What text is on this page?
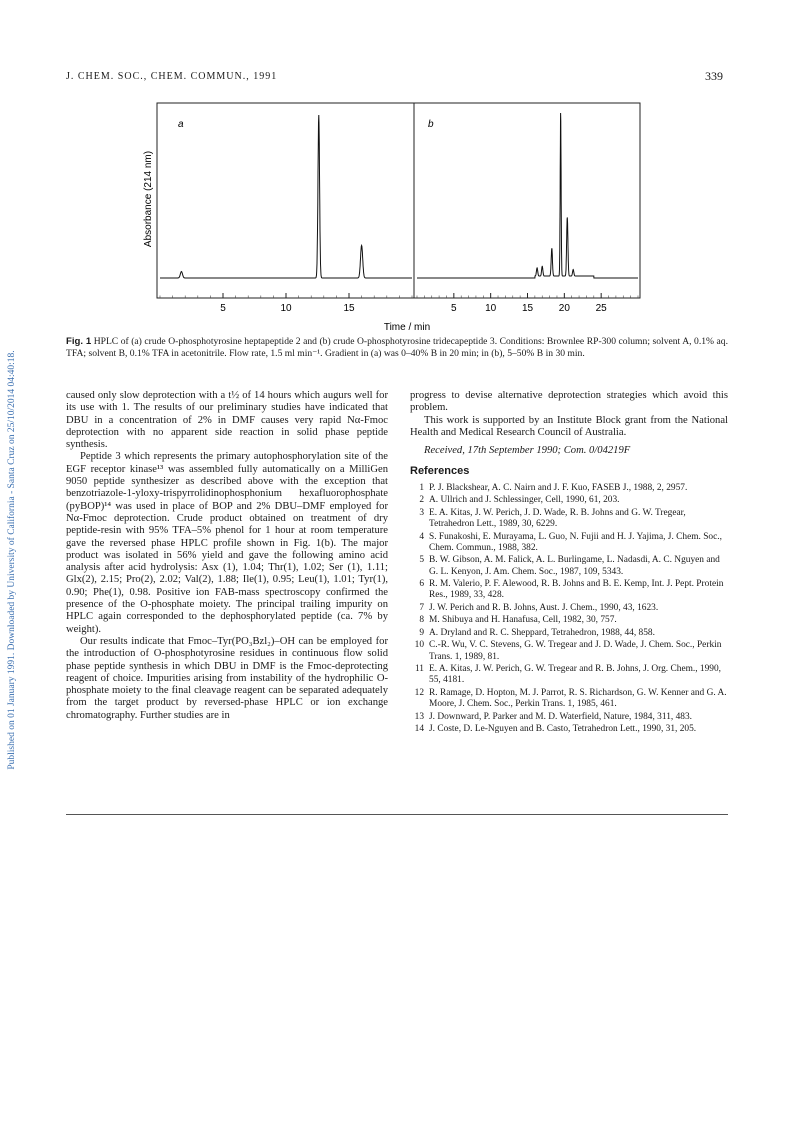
J. CHEM. SOC., CHEM. COMMUN., 1991	339
Published on 01 January 1991. Downloaded by University of California - Santa Cruz on 25/10/2014 04:40:18.
a	b
Absorbance (214 nm)
5	10	15	5	10	15	20	25
Time / min
Fig. 1 HPLC of (a) crude O-phosphotyrosine heptapeptide 2 and (b) crude O-phosphotyrosine tridecapeptide 3. Conditions: Brownlee RP-300 column; solvent A, 0.1% aq. TFA; solvent B, 0.1% TFA in acetonitrile. Flow rate, 1.5 ml min⁻¹. Gradient in (a) was 0–40% B in 20 min; in (b), 5–50% B in 30 min.

caused only slow deprotection with a t½ of 14 hours which augurs well for its use with 1. The results of our preliminary studies have indicated that DBU in a concentration of 2% in DMF causes very rapid Nα-Fmoc deprotection with no apparent side reaction in solid phase peptide synthesis.

Peptide 3 which represents the primary autophosphorylation site of the EGF receptor kinase¹³ was assembled fully automatically on a MilliGen 9050 peptide synthesizer as described above with the exception that benzotriazole-1-yloxy-trispyrrolidinophosphonium hexafluorophosphate (pyBOP)¹⁴ was used in place of BOP and 2% DBU–DMF employed for Nα-Fmoc deprotection. Crude product obtained on treatment of dry peptide-resin with 95% TFA–5% phenol for 1 hour at room temperature gave the reversed phase HPLC profile shown in Fig. 1(b). The major product was isolated in 56% yield and gave the following amino acid analysis after acid hydrolysis: Asx (1), 1.04; Thr(1), 1.02; Ser (1), 1.11; Glx(2), 2.15; Pro(2), 2.02; Val(2), 1.88; Ile(1), 0.95; Leu(1), 1.01; Tyr(1), 0.90; Phe(1), 0.98. Positive ion FAB-mass spectroscopy confirmed the presence of the O-phosphate moiety. The principal trailing impurity on HPLC again corresponded to the dephosphorylated peptide (ca. 7% by weight).

Our results indicate that Fmoc–Tyr(PO₃Bzl₂)–OH can be employed for the introduction of O-phosphotyrosine residues in continuous flow solid phase peptide synthesis in which DBU in DMF is the Fmoc-deprotecting reagent of choice. Impurities arising from instability of the hydrophilic O-phosphate moiety to the final cleavage reagent can be separated adequately from the target product by reversed-phase HPLC or ion exchange chromatography. Further studies are in

progress to devise alternative deprotection strategies which avoid this problem.

This work is supported by an Institute Block grant from the National Health and Medical Research Council of Australia.

Received, 17th September 1990; Com. 0/04219F

References
1 P. J. Blackshear, A. C. Nairn and J. F. Kuo, FASEB J., 1988, 2, 2957.
2 A. Ullrich and J. Schlessinger, Cell, 1990, 61, 203.
3 E. A. Kitas, J. W. Perich, J. D. Wade, R. B. Johns and G. W. Tregear, Tetrahedron Lett., 1989, 30, 6229.
4 S. Funakoshi, E. Murayama, L. Guo, N. Fujii and H. J. Yajima, J. Chem. Soc., Chem. Commun., 1988, 382.
5 B. W. Gibson, A. M. Falick, A. L. Burlingame, L. Nadasdi, A. C. Nguyen and G. L. Kenyon, J. Am. Chem. Soc., 1987, 109, 5343.
6 R. M. Valerio, P. F. Alewood, R. B. Johns and B. E. Kemp, Int. J. Pept. Protein Res., 1989, 33, 428.
7 J. W. Perich and R. B. Johns, Aust. J. Chem., 1990, 43, 1623.
8 M. Shibuya and H. Hanafusa, Cell, 1982, 30, 757.
9 A. Dryland and R. C. Sheppard, Tetrahedron, 1988, 44, 858.
10 C.-R. Wu, V. C. Stevens, G. W. Tregear and J. D. Wade, J. Chem. Soc., Perkin Trans. 1, 1989, 81.
11 E. A. Kitas, J. W. Perich, G. W. Tregear and R. B. Johns, J. Org. Chem., 1990, 55, 4181.
12 R. Ramage, D. Hopton, M. J. Parrot, R. S. Richardson, G. W. Kenner and G. A. Moore, J. Chem. Soc., Perkin Trans. 1, 1985, 461.
13 J. Downward, P. Parker and M. D. Waterfield, Nature, 1984, 311, 483.
14 J. Coste, D. Le-Nguyen and B. Casto, Tetrahedron Lett., 1990, 31, 205.
